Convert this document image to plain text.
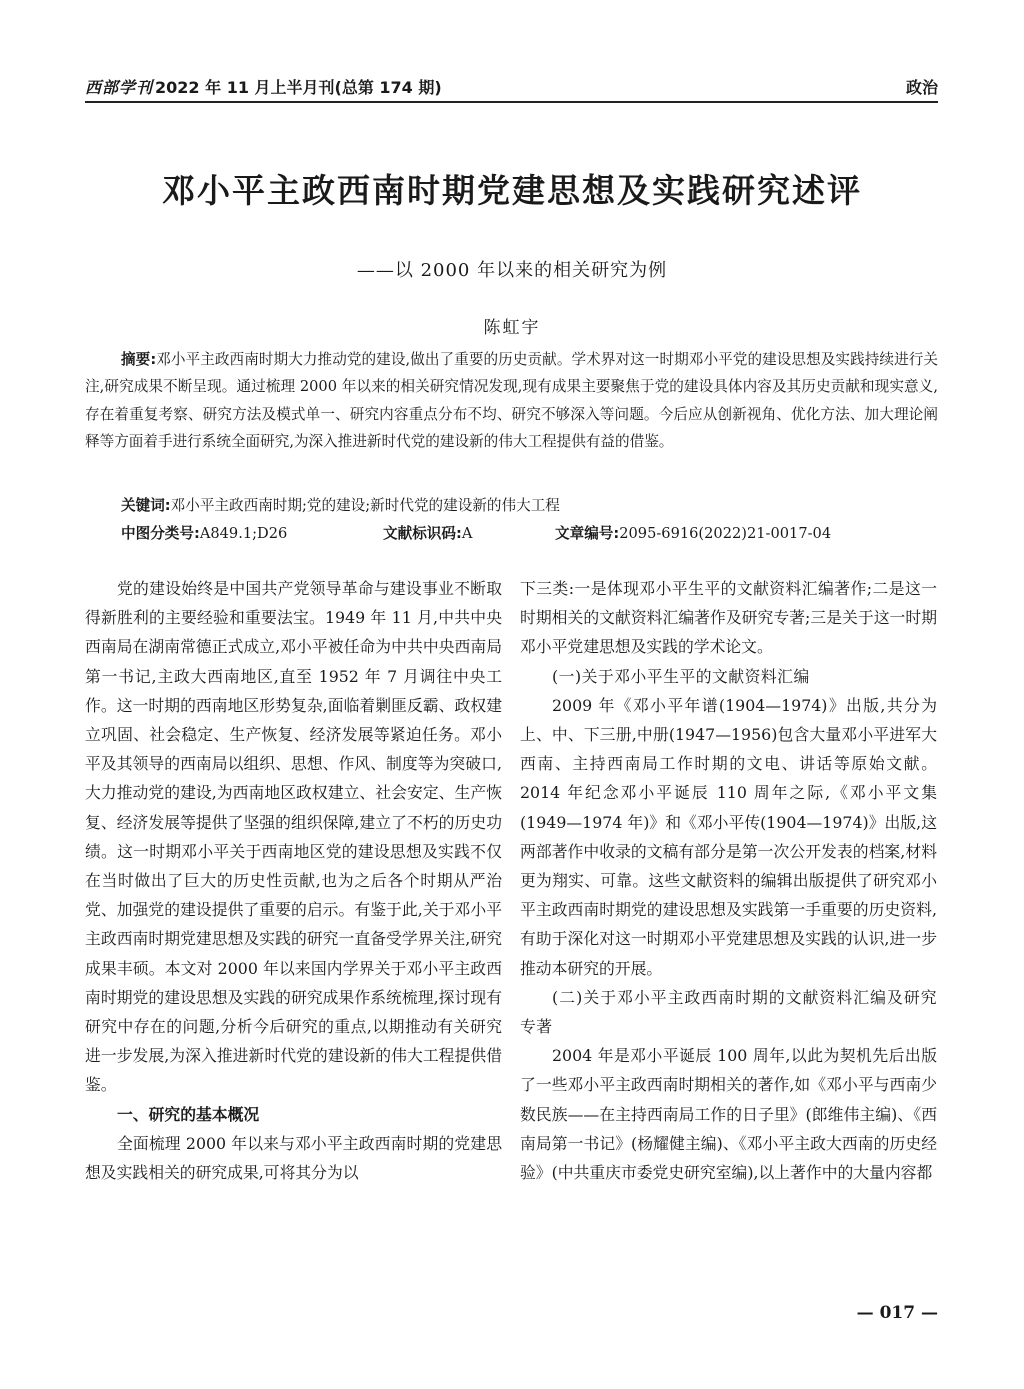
西部学刊 2022 年 11 月上半月刊(总第 174 期)	政治
邓小平主政西南时期党建思想及实践研究述评
——以 2000 年以来的相关研究为例
陈虹宇

摘要:邓小平主政西南时期大力推动党的建设,做出了重要的历史贡献。学术界对这一时期邓小平党的建设思想及实践持续进行关注,研究成果不断呈现。通过梳理 2000 年以来的相关研究情况发现,现有成果主要聚焦于党的建设具体内容及其历史贡献和现实意义,存在着重复考察、研究方法及模式单一、研究内容重点分布不均、研究不够深入等问题。今后应从创新视角、优化方法、加大理论阐释等方面着手进行系统全面研究,为深入推进新时代党的建设新的伟大工程提供有益的借鉴。

关键词:邓小平主政西南时期;党的建设;新时代党的建设新的伟大工程
中图分类号:A849.1;D26	文献标识码:A	文章编号:2095-6916(2022)21-0017-04

党的建设始终是中国共产党领导革命与建设事业不断取得新胜利的主要经验和重要法宝。1949 年 11 月,中共中央西南局在湖南常德正式成立,邓小平被任命为中共中央西南局第一书记,主政大西南地区,直至 1952 年 7 月调往中央工作。这一时期的西南地区形势复杂,面临着剿匪反霸、政权建立巩固、社会稳定、生产恢复、经济发展等紧迫任务。邓小平及其领导的西南局以组织、思想、作风、制度等为突破口,大力推动党的建设,为西南地区政权建立、社会安定、生产恢复、经济发展等提供了坚强的组织保障,建立了不朽的历史功绩。这一时期邓小平关于西南地区党的建设思想及实践不仅在当时做出了巨大的历史性贡献,也为之后各个时期从严治党、加强党的建设提供了重要的启示。有鉴于此,关于邓小平主政西南时期党建思想及实践的研究一直备受学界关注,研究成果丰硕。本文对 2000 年以来国内学界关于邓小平主政西南时期党的建设思想及实践的研究成果作系统梳理,探讨现有研究中存在的问题,分析今后研究的重点,以期推动有关研究进一步发展,为深入推进新时代党的建设新的伟大工程提供借鉴。

一、研究的基本概况

全面梳理 2000 年以来与邓小平主政西南时期的党建思想及实践相关的研究成果,可将其分为以

下三类:一是体现邓小平生平的文献资料汇编著作;二是这一时期相关的文献资料汇编著作及研究专著;三是关于这一时期邓小平党建思想及实践的学术论文。

(一)关于邓小平生平的文献资料汇编

2009 年《邓小平年谱(1904—1974)》出版,共分为上、中、下三册,中册(1947—1956)包含大量邓小平进军大西南、主持西南局工作时期的文电、讲话等原始文献。2014 年纪念邓小平诞辰 110 周年之际,《邓小平文集(1949—1974 年)》和《邓小平传(1904—1974)》出版,这两部著作中收录的文稿有部分是第一次公开发表的档案,材料更为翔实、可靠。这些文献资料的编辑出版提供了研究邓小平主政西南时期党的建设思想及实践第一手重要的历史资料,有助于深化对这一时期邓小平党建思想及实践的认识,进一步推动本研究的开展。

(二)关于邓小平主政西南时期的文献资料汇编及研究专著

2004 年是邓小平诞辰 100 周年,以此为契机先后出版了一些邓小平主政西南时期相关的著作,如《邓小平与西南少数民族——在主持西南局工作的日子里》(郎维伟主编)、《西南局第一书记》(杨耀健主编)、《邓小平主政大西南的历史经验》(中共重庆市委党史研究室编),以上著作中的大量内容都

— 017 —
